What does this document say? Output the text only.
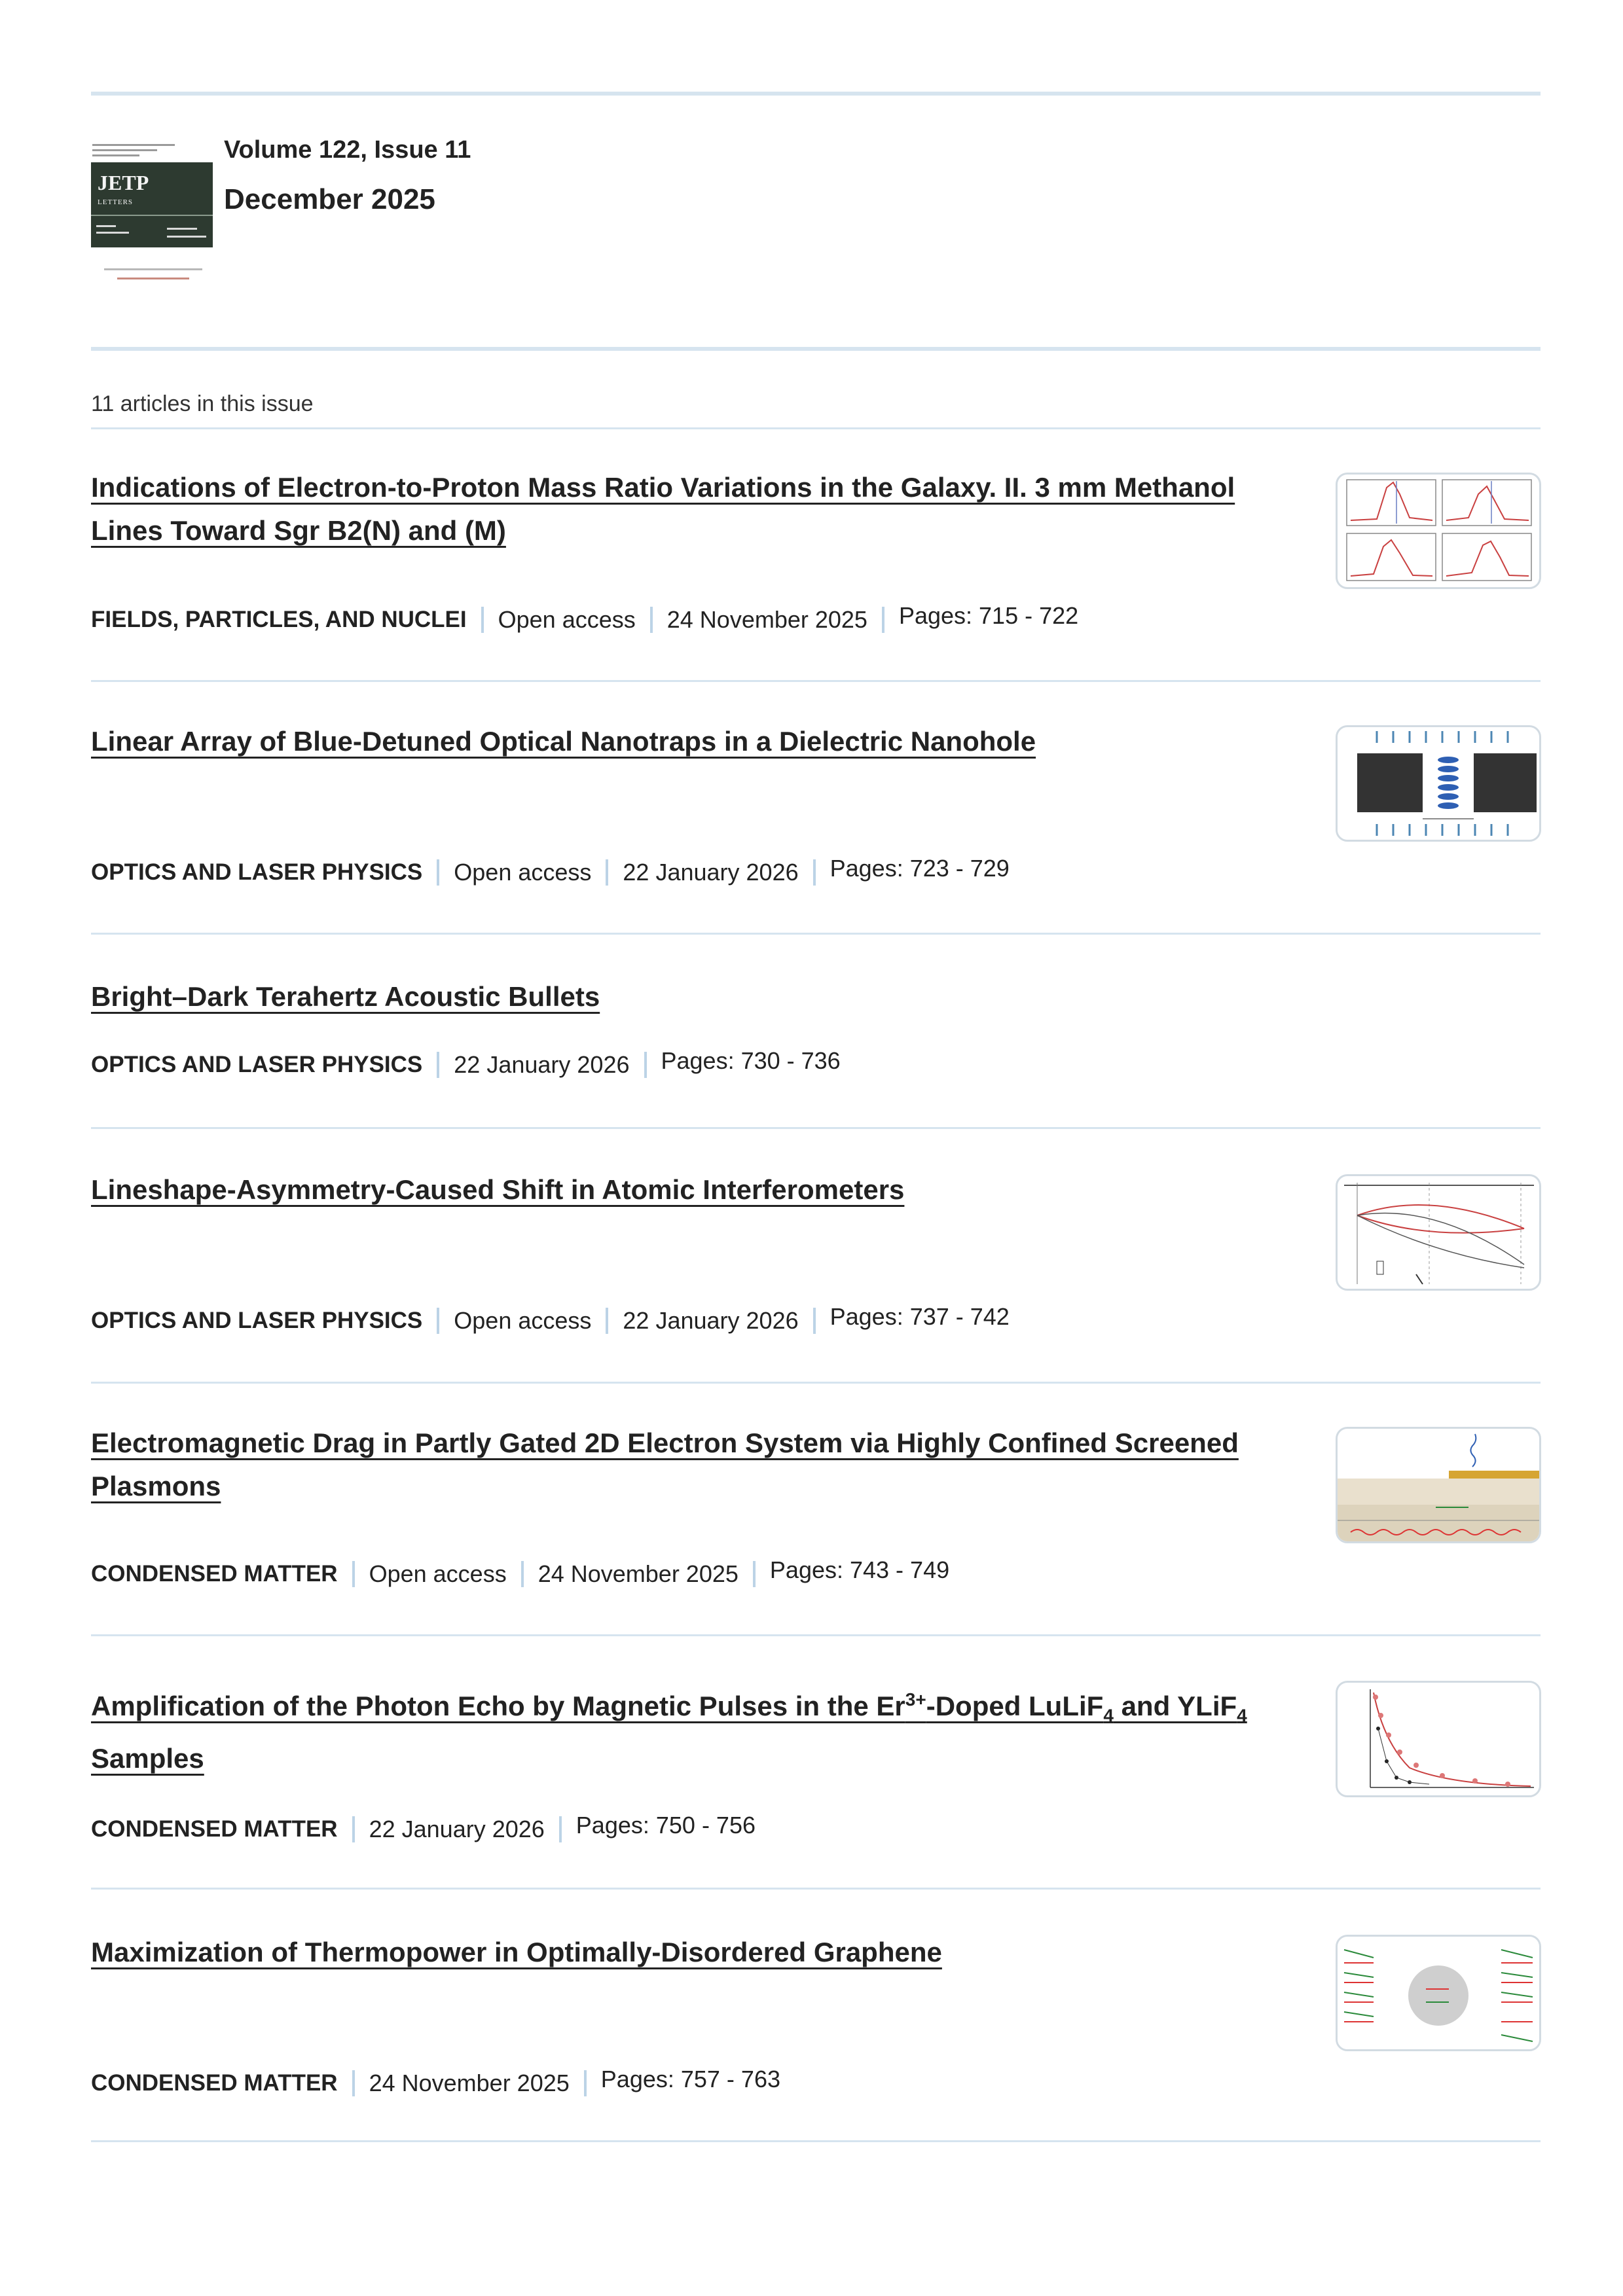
JETP
LETTERS
Volume 122, Issue 11
December 2025
11 articles in this issue
Indications of Electron-to-Proton Mass Ratio Variations in the Galaxy. II. 3 mm Methanol Lines Toward Sgr B2(N) and (M)
FIELDS, PARTICLES, AND NUCLEI Open access 24 November 2025 Pages: 715 - 722
Linear Array of Blue-Detuned Optical Nanotraps in a Dielectric Nanohole
OPTICS AND LASER PHYSICS Open access 22 January 2026 Pages: 723 - 729
Bright–Dark Terahertz Acoustic Bullets
OPTICS AND LASER PHYSICS 22 January 2026 Pages: 730 - 736
Lineshape-Asymmetry-Caused Shift in Atomic Interferometers
OPTICS AND LASER PHYSICS Open access 22 January 2026 Pages: 737 - 742
Electromagnetic Drag in Partly Gated 2D Electron System via Highly Confined Screened Plasmons
CONDENSED MATTER Open access 24 November 2025 Pages: 743 - 749
Amplification of the Photon Echo by Magnetic Pulses in the $Er^{3+}$-Doped LuLiF$_4$ and YLiF$_4$ Samples
CONDENSED MATTER 22 January 2026 Pages: 750 - 756
Maximization of Thermopower in Optimally-Disordered Graphene
CONDENSED MATTER 24 November 2025 Pages: 757 - 763
